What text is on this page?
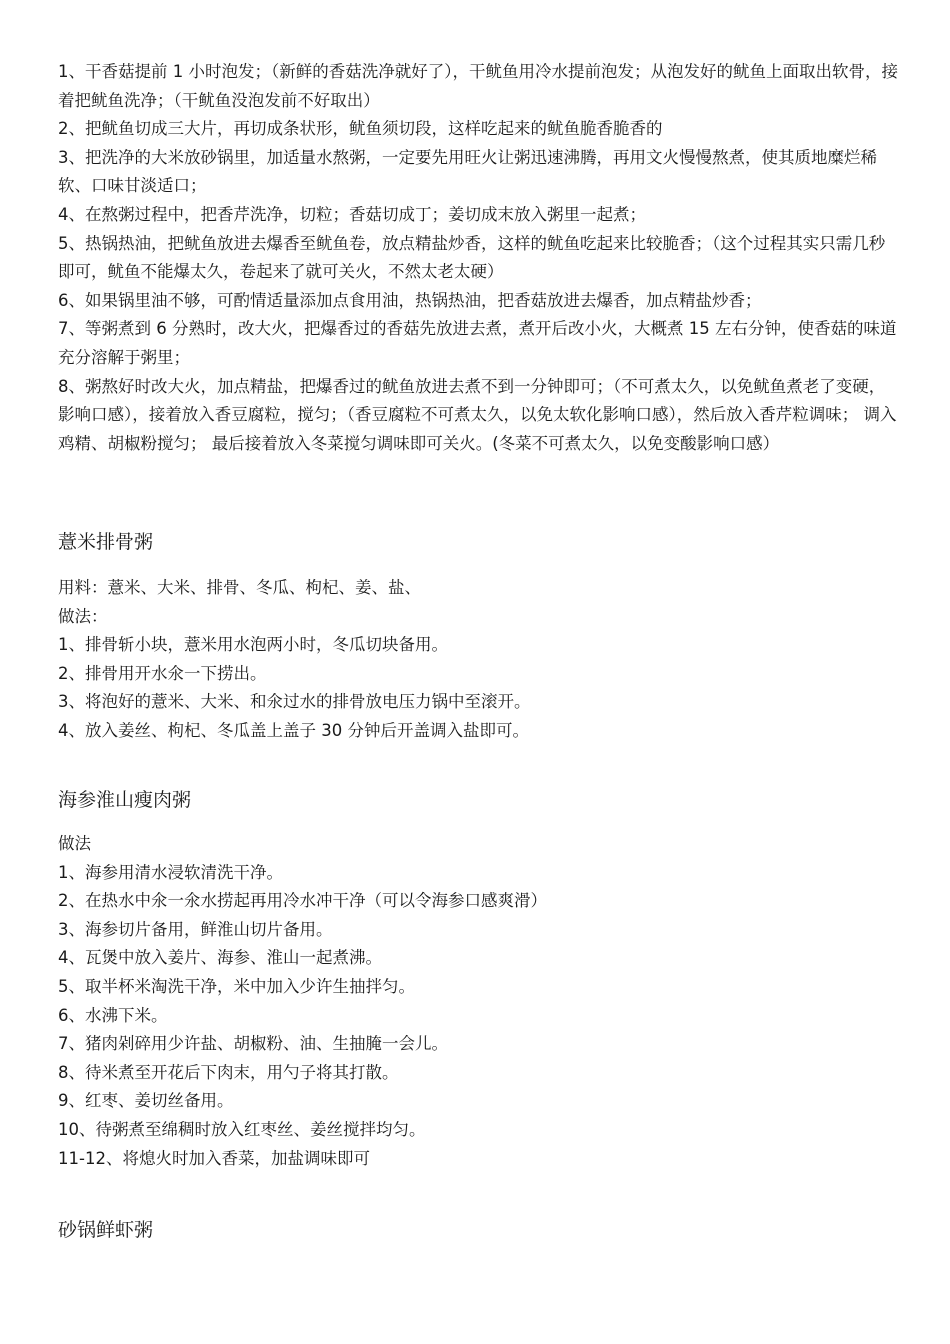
1、干香菇提前 1 小时泡发；（新鲜的香菇洗净就好了），干鱿鱼用冷水提前泡发；从泡发好的鱿鱼上面取出软骨，接着把鱿鱼洗净；（干鱿鱼没泡发前不好取出）

2、把鱿鱼切成三大片，再切成条状形，鱿鱼须切段，这样吃起来的鱿鱼脆香脆香的

3、把洗净的大米放砂锅里，加适量水熬粥，一定要先用旺火让粥迅速沸腾，再用文火慢慢熬煮，使其质地糜烂稀软、口味甘淡适口；

4、在熬粥过程中，把香芹洗净，切粒；香菇切成丁；姜切成末放入粥里一起煮；

5、热锅热油，把鱿鱼放进去爆香至鱿鱼卷，放点精盐炒香，这样的鱿鱼吃起来比较脆香；（这个过程其实只需几秒即可，鱿鱼不能爆太久，卷起来了就可关火，不然太老太硬）

6、如果锅里油不够，可酌情适量添加点食用油，热锅热油，把香菇放进去爆香，加点精盐炒香；

7、等粥煮到 6 分熟时，改大火，把爆香过的香菇先放进去煮，煮开后改小火，大概煮 15 左右分钟，使香菇的味道充分溶解于粥里；

8、粥熬好时改大火，加点精盐，把爆香过的鱿鱼放进去煮不到一分钟即可；（不可煮太久，以免鱿鱼煮老了变硬，影响口感），接着放入香豆腐粒，搅匀；（香豆腐粒不可煮太久，以免太软化影响口感），然后放入香芹粒调味； 调入鸡精、胡椒粉搅匀； 最后接着放入冬菜搅匀调味即可关火。(冬菜不可煮太久，以免变酸影响口感）

薏米排骨粥

用料：薏米、大米、排骨、冬瓜、枸杞、姜、盐、

做法：

1、排骨斩小块，薏米用水泡两小时，冬瓜切块备用。

2、排骨用开水氽一下捞出。

3、将泡好的薏米、大米、和氽过水的排骨放电压力锅中至滚开。

4、放入姜丝、枸杞、冬瓜盖上盖子 30 分钟后开盖调入盐即可。

海参淮山瘦肉粥

做法

1、海参用清水浸软清洗干净。

2、在热水中氽一氽水捞起再用冷水冲干净（可以令海参口感爽滑）

3、海参切片备用，鲜淮山切片备用。

4、瓦煲中放入姜片、海参、淮山一起煮沸。

5、取半杯米淘洗干净，米中加入少许生抽拌匀。

6、水沸下米。

7、猪肉剁碎用少许盐、胡椒粉、油、生抽腌一会儿。

8、待米煮至开花后下肉末，用勺子将其打散。

9、红枣、姜切丝备用。

10、待粥煮至绵稠时放入红枣丝、姜丝搅拌均匀。

11-12、将熄火时加入香菜，加盐调味即可

砂锅鲜虾粥
